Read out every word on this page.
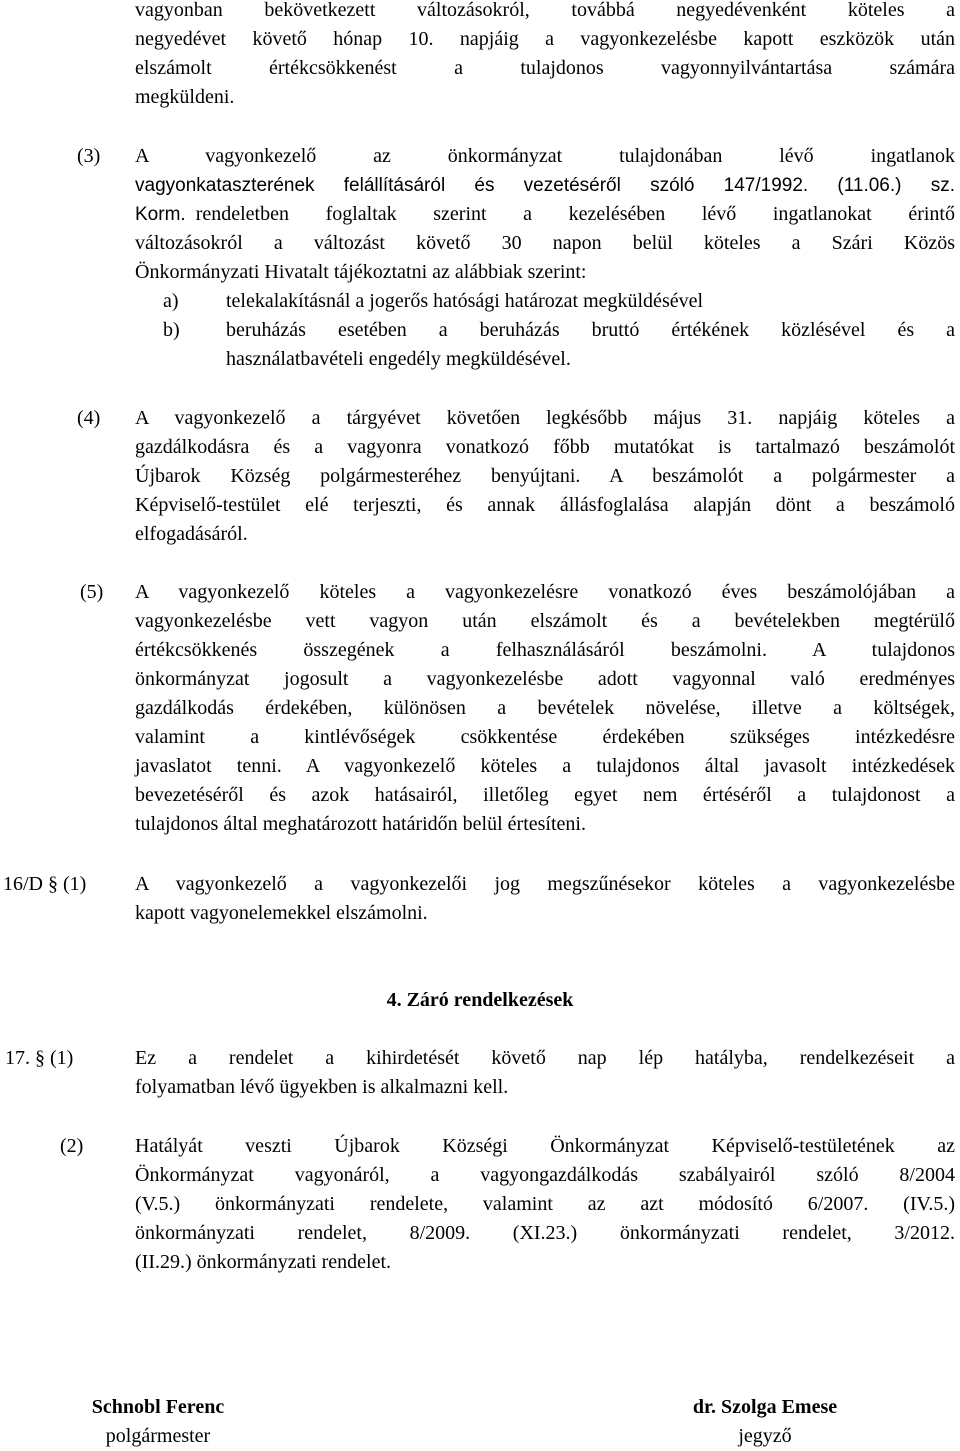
vagyonban bekövetkezett változásokról, továbbá negyedévenként köteles a
negyedévet követő hónap 10. napjáig a vagyonkezelésbe kapott eszközök után
elszámolt értékcsökkenést a tulajdonos vagyonnyilvántartása számára
megküldeni.
(3) A vagyonkezelő az önkormányzat tulajdonában lévő ingatlanok
vagyonkataszterének felállításáról és vezetéséről szóló 147/1992. (11.06.) sz.
Korm. rendeletben foglaltak szerint a kezelésében lévő ingatlanokat érintő
változásokról a változást követő 30 napon belül köteles a Szári Közös
Önkormányzati Hivatalt tájékoztatni az alábbiak szerint:
a) telekalakításnál a jogerős hatósági határozat megküldésével
b) beruházás esetében a beruházás bruttó értékének közlésével és a
használatbavételi engedély megküldésével.
(4) A vagyonkezelő a tárgyévet követően legkésőbb május 31. napjáig köteles a
gazdálkodásra és a vagyonra vonatkozó főbb mutatókat is tartalmazó beszámolót
Újbarok Község polgármesteréhez benyújtani. A beszámolót a polgármester a
Képviselő-testület elé terjeszti, és annak állásfoglalása alapján dönt a beszámoló
elfogadásáról.
(5) A vagyonkezelő köteles a vagyonkezelésre vonatkozó éves beszámolójában a
vagyonkezelésbe vett vagyon után elszámolt és a bevételekben megtérülő
értékcsökkenés összegének a felhasználásáról beszámolni. A tulajdonos
önkormányzat jogosult a vagyonkezelésbe adott vagyonnal való eredményes
gazdálkodás érdekében, különösen a bevételek növelése, illetve a költségek,
valamint a kintlévőségek csökkentése érdekében szükséges intézkedésre
javaslatot tenni. A vagyonkezelő köteles a tulajdonos által javasolt intézkedések
bevezetéséről és azok hatásairól, illetőleg egyet nem értéséről a tulajdonost a
tulajdonos által meghatározott határidőn belül értesíteni.
16/D § (1) A vagyonkezelő a vagyonkezelői jog megszűnésekor köteles a vagyonkezelésbe
kapott vagyonelemekkel elszámolni.
4. Záró rendelkezések
17. § (1)	Ez a rendelet a kihirdetését követő nap lép hatályba, rendelkezéseit a
folyamatban lévő ügyekben is alkalmazni kell.
(2)	Hatályát veszti Újbarok Községi Önkormányzat Képviselő-testületének az
Önkormányzat vagyonáról, a vagyongazdálkodás szabályairól szóló 8/2004
(V.5.) önkormányzati rendelete, valamint az azt módosító 6/2007. (IV.5.)
önkormányzati rendelet, 8/2009. (XI.23.) önkormányzati rendelet, 3/2012.
(II.29.) önkormányzati rendelet.
Schnobl Ferenc
polgármester
dr. Szolga Emese
jegyző
